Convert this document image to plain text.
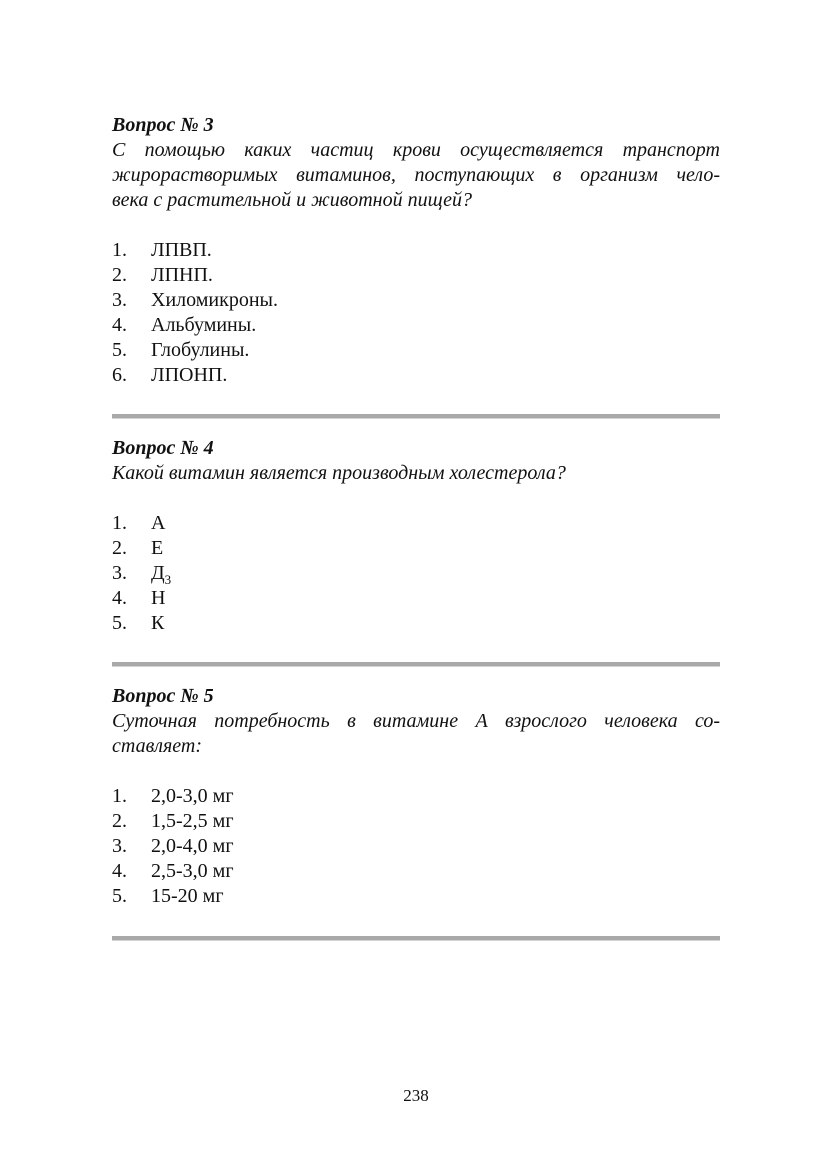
Вопрос № 3

С помощью каких частиц крови осуществляется транспорт
жирорастворимых витаминов, поступающих в организм чело-
века с растительной и животной пищей?
1. ЛПВП.
2. ЛПНП.
3. Хиломикроны.
4. Альбумины.
5. Глобулины.
6. ЛПОНП.

Вопрос № 4

Какой витамин является производным холестерола?
1. А
2. Е
3. $Д_3$
4. Н
5. К

Вопрос № 5

Суточная потребность в витамине А взрослого человека со-
ставляет:
1. 2,0-3,0 мг
2. 1,5-2,5 мг
3. 2,0-4,0 мг
4. 2,5-3,0 мг
5. 15-20 мг
238
